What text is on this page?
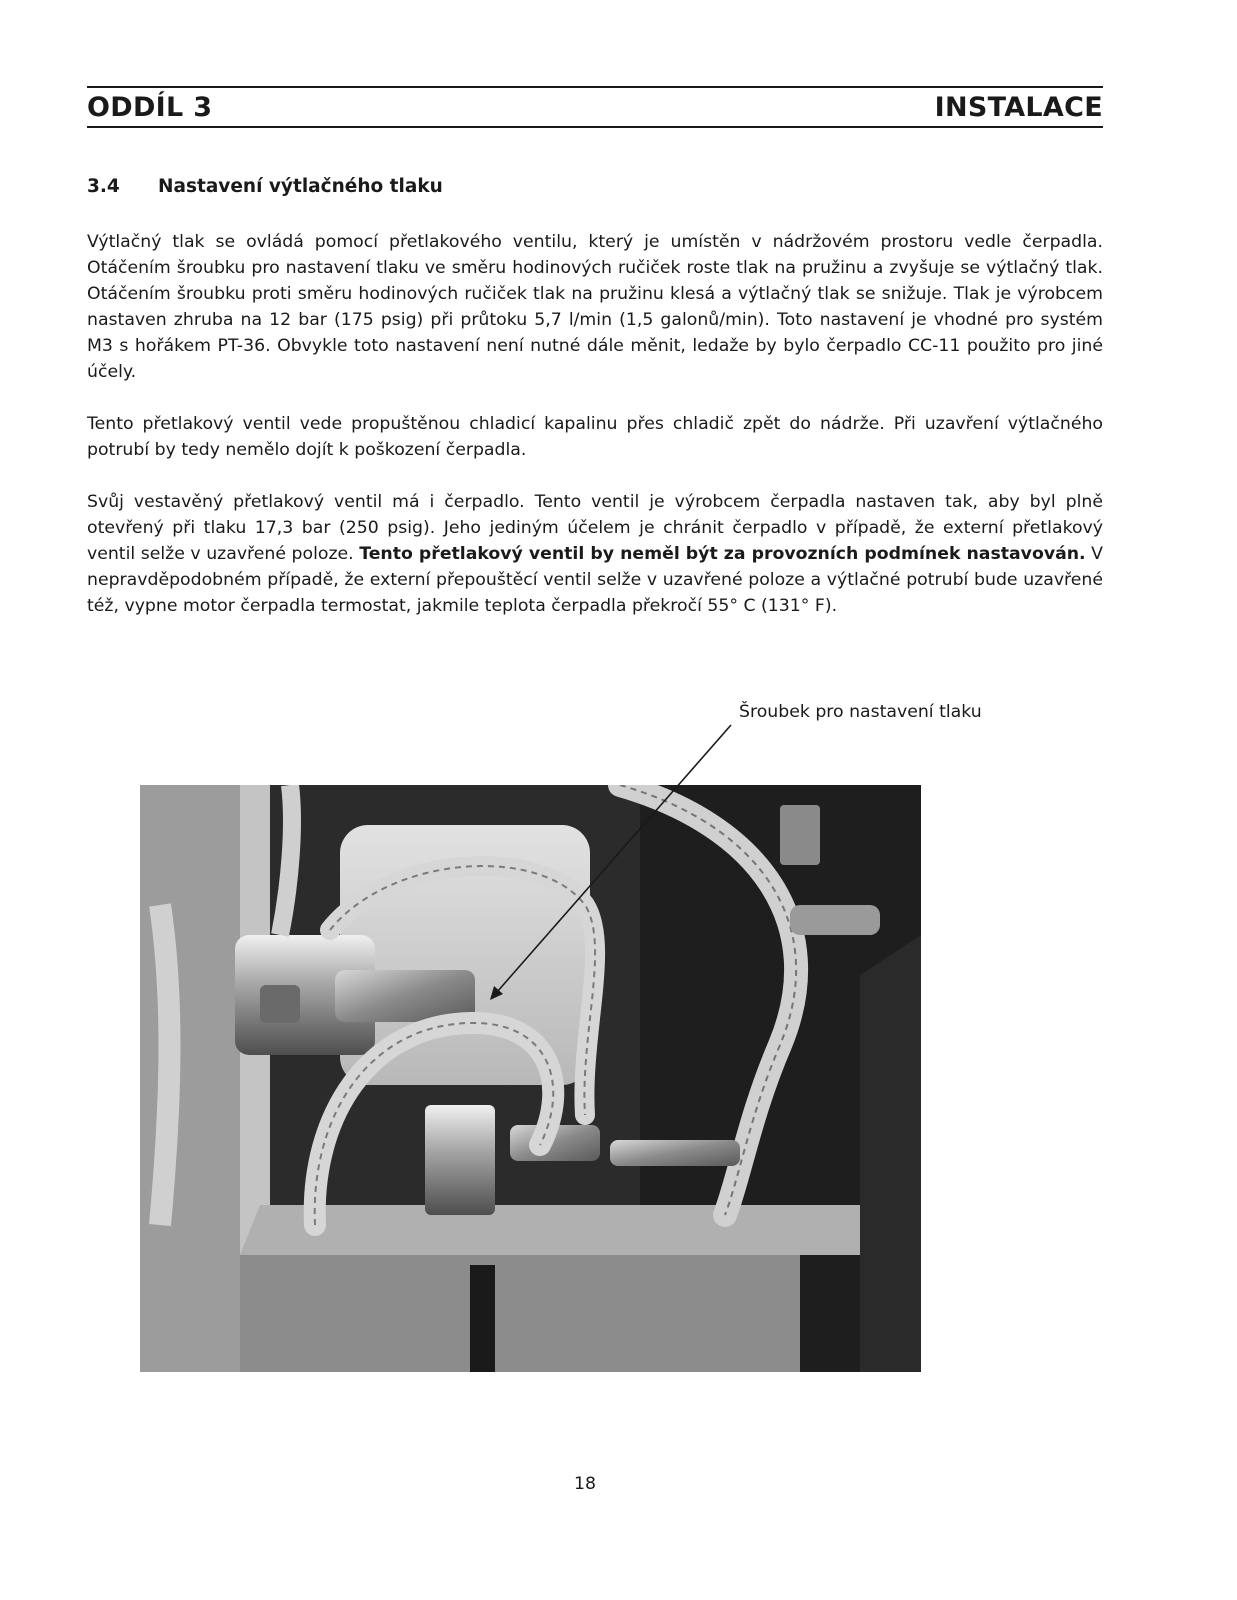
ODDÍL 3	INSTALACE
3.4 Nastavení výtlačného tlaku

Výtlačný tlak se ovládá pomocí přetlakového ventilu, který je umístěn v nádržovém prostoru vedle čerpadla. Otáčením šroubku pro nastavení tlaku ve směru hodinových ručiček roste tlak na pružinu a zvyšuje se výtlačný tlak. Otáčením šroubku proti směru hodinových ručiček tlak na pružinu klesá a výtlačný tlak se snižuje. Tlak je výrobcem nastaven zhruba na 12 bar (175 psig) při průtoku 5,7 l/min (1,5 galonů/min). Toto nastavení je vhodné pro systém M3 s hořákem PT-36. Obvykle toto nastavení není nutné dále měnit, ledaže by bylo čerpadlo CC-11 použito pro jiné účely.

Tento přetlakový ventil vede propuštěnou chladicí kapalinu přes chladič zpět do nádrže. Při uzavření výtlačného potrubí by tedy nemělo dojít k poškození čerpadla.

Svůj vestavěný přetlakový ventil má i čerpadlo. Tento ventil je výrobcem čerpadla nastaven tak, aby byl plně otevřený při tlaku 17,3 bar (250 psig). Jeho jediným účelem je chránit čerpadlo v případě, že externí přetlakový ventil selže v uzavřené poloze. Tento přetlakový ventil by neměl být za provozních podmínek nastavován. V nepravděpodobném případě, že externí přepouštěcí ventil selže v uzavřené poloze a výtlačné potrubí bude uzavřené též, vypne motor čerpadla termostat, jakmile teplota čerpadla překročí 55° C (131° F).

Šroubek pro nastavení tlaku
18
